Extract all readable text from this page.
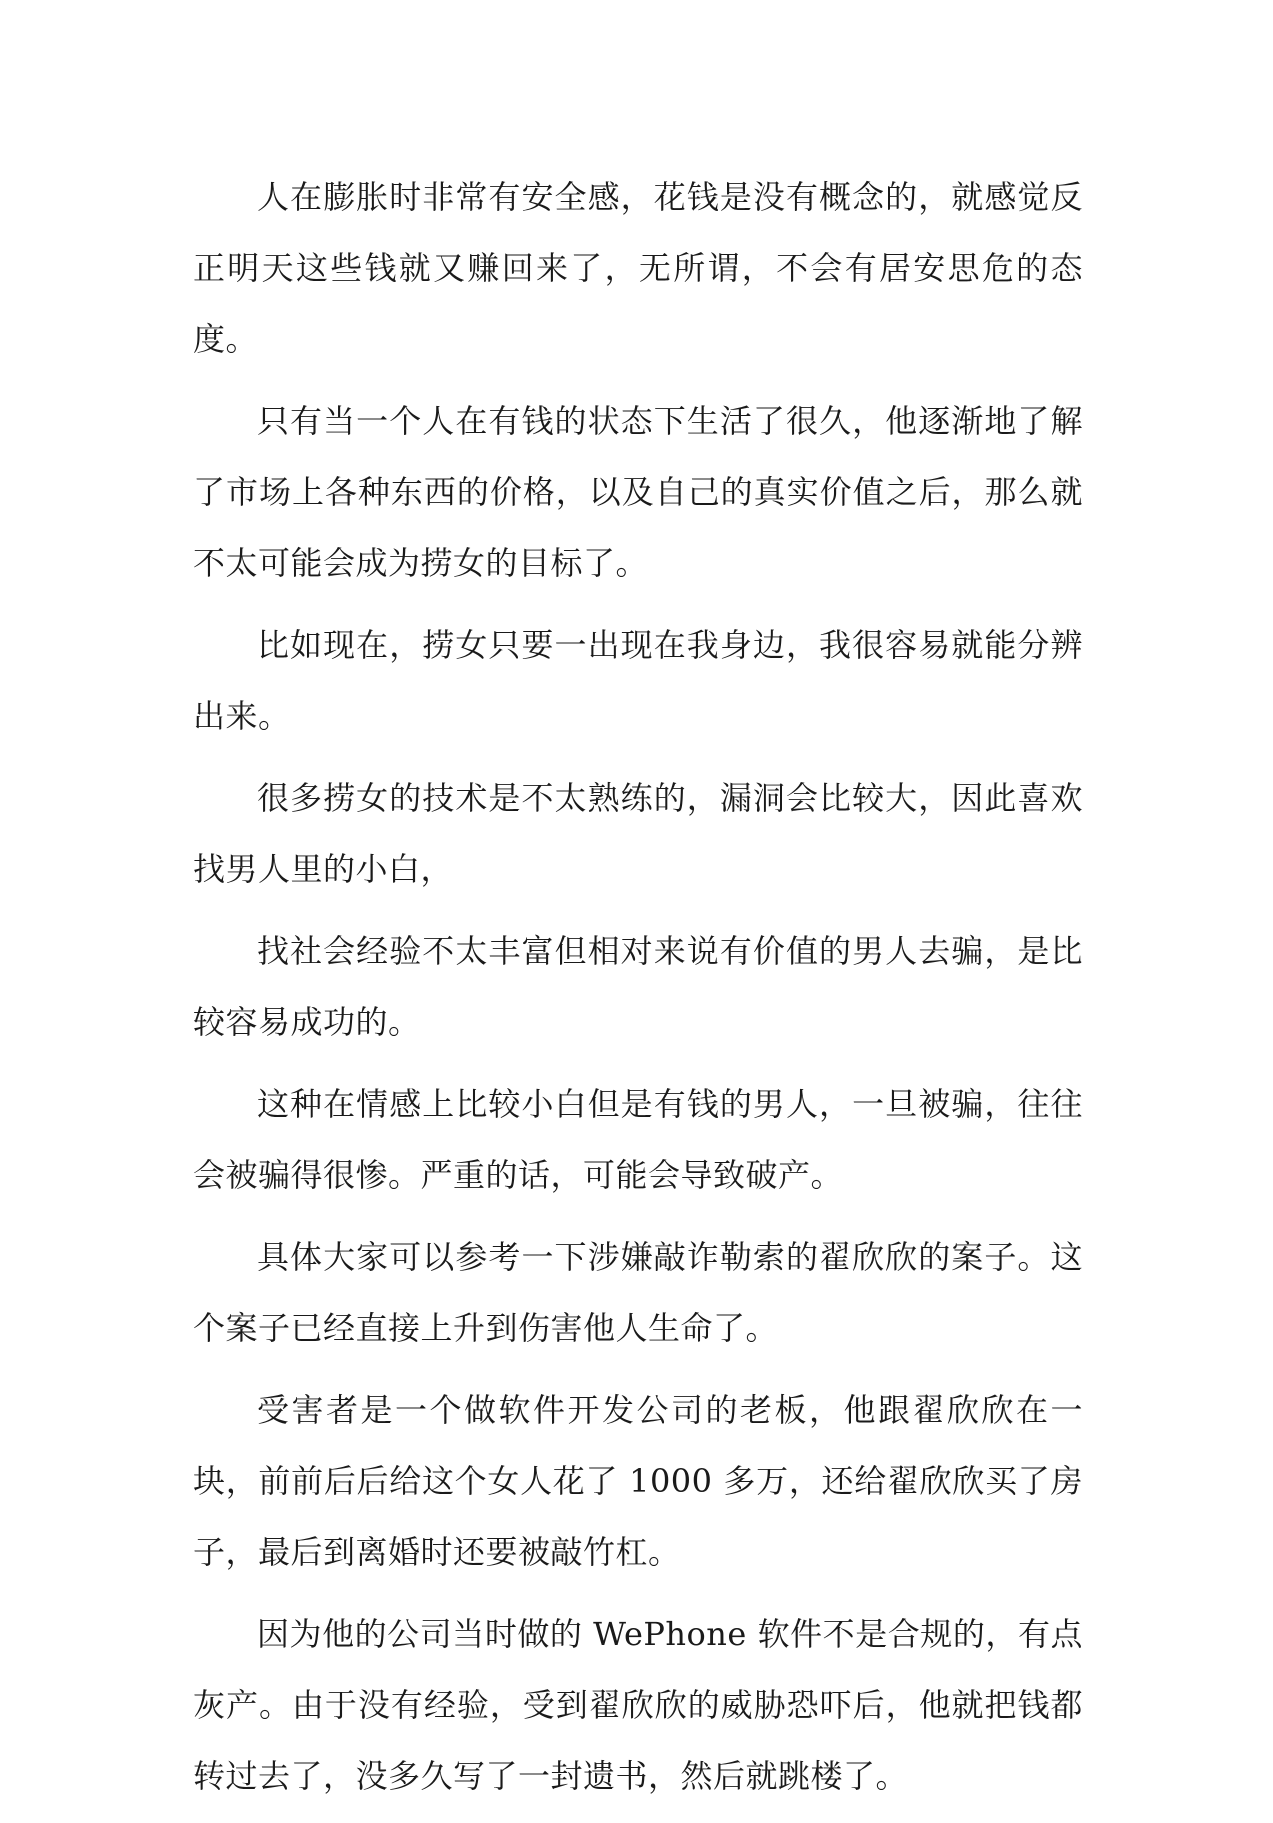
人在膨胀时非常有安全感，花钱是没有概念的，就感觉反正明天这些钱就又赚回来了，无所谓，不会有居安思危的态度。

只有当一个人在有钱的状态下生活了很久，他逐渐地了解了市场上各种东西的价格，以及自己的真实价值之后，那么就不太可能会成为捞女的目标了。

比如现在，捞女只要一出现在我身边，我很容易就能分辨出来。

很多捞女的技术是不太熟练的，漏洞会比较大，因此喜欢找男人里的小白，

找社会经验不太丰富但相对来说有价值的男人去骗，是比较容易成功的。

这种在情感上比较小白但是有钱的男人，一旦被骗，往往会被骗得很惨。严重的话，可能会导致破产。

具体大家可以参考一下涉嫌敲诈勒索的翟欣欣的案子。这个案子已经直接上升到伤害他人生命了。

受害者是一个做软件开发公司的老板，他跟翟欣欣在一块，前前后后给这个女人花了 1000 多万，还给翟欣欣买了房子，最后到离婚时还要被敲竹杠。

因为他的公司当时做的 WePhone 软件不是合规的，有点灰产。由于没有经验，受到翟欣欣的威胁恐吓后，他就把钱都转过去了，没多久写了一封遗书，然后就跳楼了。
